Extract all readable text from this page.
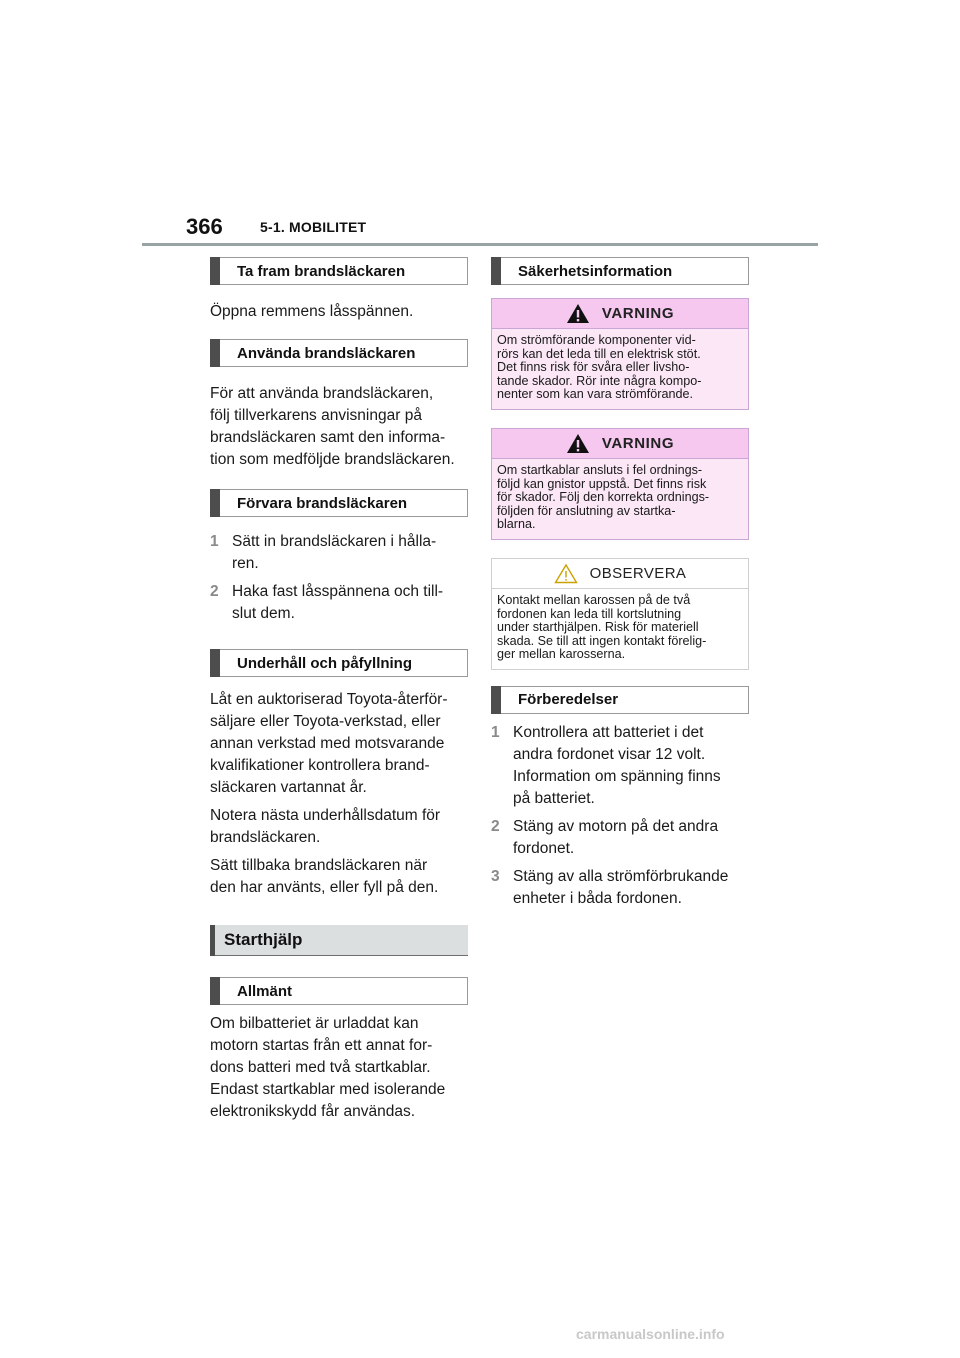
366	5-1. MOBILITET
Ta fram brandsläckaren
Öppna remmens låsspännen.
Använda brandsläckaren
För att använda brandsläckaren,
följ tillverkarens anvisningar på
brandsläckaren samt den informa-
tion som medföljde brandsläckaren.
Förvara brandsläckaren
1 Sätt in brandsläckaren i hålla-
ren.
2 Haka fast låsspännena och till-
slut dem.
Underhåll och påfyllning
Låt en auktoriserad Toyota-återför-
säljare eller Toyota-verkstad, eller
annan verkstad med motsvarande
kvalifikationer kontrollera brand-
släckaren vartannat år.
Notera nästa underhållsdatum för
brandsläckaren.
Sätt tillbaka brandsläckaren när
den har använts, eller fyll på den.
Starthjälp
Allmänt
Om bilbatteriet är urladdat kan
motorn startas från ett annat for-
dons batteri med två startkablar.
Endast startkablar med isolerande
elektronikskydd får användas.
Säkerhetsinformation
VARNING
Om strömförande komponenter vid-
rörs kan det leda till en elektrisk stöt.
Det finns risk för svåra eller livsho-
tande skador. Rör inte några kompo-
nenter som kan vara strömförande.
VARNING
Om startkablar ansluts i fel ordnings-
följd kan gnistor uppstå. Det finns risk
för skador. Följ den korrekta ordnings-
följden för anslutning av startka-
blarna.
OBSERVERA
Kontakt mellan karossen på de två
fordonen kan leda till kortslutning
under starthjälpen. Risk för materiell
skada. Se till att ingen kontakt förelig-
ger mellan karosserna.
Förberedelser
1 Kontrollera att batteriet i det
andra fordonet visar 12 volt.
Information om spänning finns
på batteriet.
2 Stäng av motorn på det andra
fordonet.
3 Stäng av alla strömförbrukande
enheter i båda fordonen.
carmanualsonline.info
